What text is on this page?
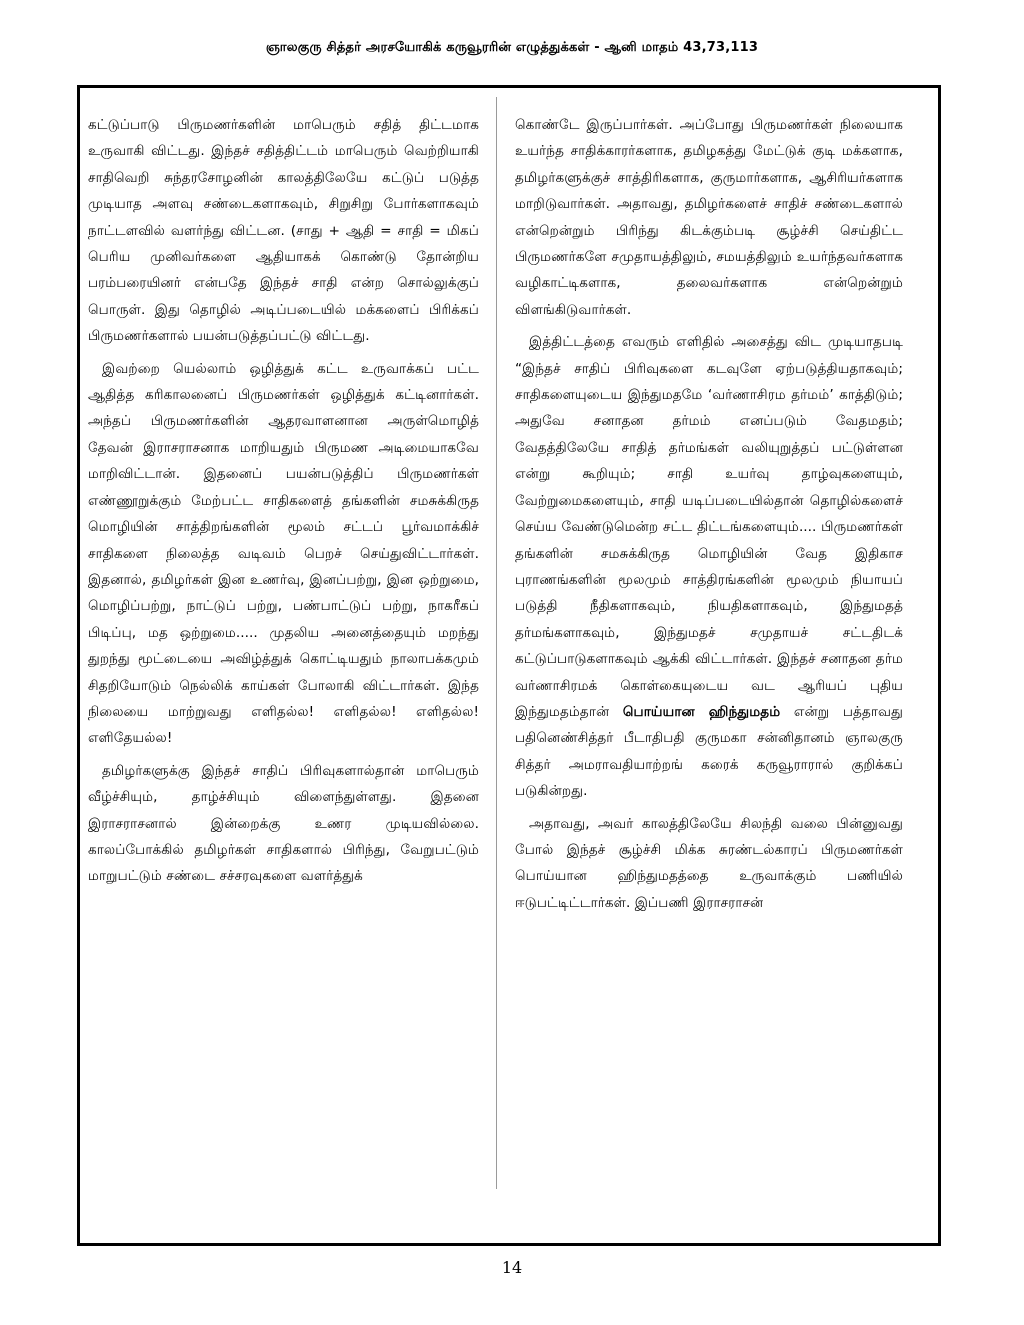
ஞாலகுரு சித்தர் அரசயோகிக் கருவூரரின் எழுத்துக்கள் - ஆனி மாதம் 43,73,113

கட்டுப்பாடு பிருமணர்களின் மாபெரும் சதித் திட்டமாக உருவாகி விட்டது. இந்தச் சதித்திட்டம் மாபெரும் வெற்றியாகி சாதிவெறி சுந்தரசோழனின் காலத்திலேயே கட்டுப் படுத்த முடியாத அளவு சண்டைகளாகவும், சிறுசிறு போர்களாகவும் நாட்டளவில் வளர்ந்து விட்டன. (சாது + ஆதி = சாதி = மிகப் பெரிய முனிவர்களை ஆதியாகக் கொண்டு தோன்றிய பரம்பரையினர் என்பதே இந்தச் சாதி என்ற சொல்லுக்குப் பொருள். இது தொழில் அடிப்படையில் மக்களைப் பிரிக்கப் பிருமணர்களால் பயன்படுத்தப்பட்டு விட்டது.

இவற்றை யெல்லாம் ஒழித்துக் கட்ட உருவாக்கப் பட்ட ஆதித்த கரிகாலனைப் பிருமணர்கள் ஒழித்துக் கட்டினார்கள். அந்தப் பிருமணர்களின் ஆதரவாளனான அருள்மொழித் தேவன் இராசராசனாக மாறியதும் பிருமண அடிமையாகவே மாறிவிட்டான். இதனைப் பயன்படுத்திப் பிருமணர்கள் எண்ணூறுக்கும் மேற்பட்ட சாதிகளைத் தங்களின் சமசுக்கிருத மொழியின் சாத்திறங்களின் மூலம் சட்டப் பூர்வமாக்கிச் சாதிகளை நிலைத்த வடிவம் பெறச் செய்துவிட்டார்கள். இதனால், தமிழர்கள் இன உணர்வு, இனப்பற்று, இன ஒற்றுமை, மொழிப்பற்று, நாட்டுப் பற்று, பண்பாட்டுப் பற்று, நாகரீகப் பிடிப்பு, மத ஒற்றுமை..... முதலிய அனைத்தையும் மறந்து துறந்து மூட்டையை அவிழ்த்துக் கொட்டியதும் நாலாபக்கமும் சிதறியோடும் நெல்லிக் காய்கள் போலாகி விட்டார்கள். இந்த நிலையை மாற்றுவது எளிதல்ல! எளிதல்ல! எளிதல்ல! எளிதேயல்ல!

தமிழர்களுக்கு இந்தச் சாதிப் பிரிவுகளால்தான் மாபெரும் வீழ்ச்சியும், தாழ்ச்சியும் விளைந்துள்ளது. இதனை இராசராசனால் இன்றைக்கு உணர முடியவில்லை. காலப்போக்கில் தமிழர்கள் சாதிகளால் பிரிந்து, வேறுபட்டும் மாறுபட்டும் சண்டை சச்சரவுகளை வளர்த்துக்

கொண்டே இருப்பார்கள். அப்போது பிருமணர்கள் நிலையாக உயர்ந்த சாதிக்காரர்களாக, தமிழகத்து மேட்டுக் குடி மக்களாக, தமிழர்களுக்குச் சாத்திரிகளாக, குருமார்களாக, ஆசிரியர்களாக மாறிடுவார்கள். அதாவது, தமிழர்களைச் சாதிச் சண்டைகளால் என்றென்றும் பிரிந்து கிடக்கும்படி சூழ்ச்சி செய்திட்ட பிருமணர்களே சமுதாயத்திலும், சமயத்திலும் உயர்ந்தவர்களாக வழிகாட்டிகளாக, தலைவர்களாக என்றென்றும் விளங்கிடுவார்கள்.

இத்திட்டத்தை எவரும் எளிதில் அசைத்து விட முடியாதபடி “இந்தச் சாதிப் பிரிவுகளை கடவுளே ஏற்படுத்தியதாகவும்; சாதிகளையுடைய இந்துமதமே ‘வர்ணாசிரம தர்மம்’ காத்திடும்; அதுவே சனாதன தர்மம் எனப்படும் வேதமதம்; வேதத்திலேயே சாதித் தர்மங்கள் வலியுறுத்தப் பட்டுள்ளன என்று கூறியும்; சாதி உயர்வு தாழ்வுகளையும், வேற்றுமைகளையும், சாதி யடிப்படையில்தான் தொழில்களைச் செய்ய வேண்டுமென்ற சட்ட திட்டங்களையும்.... பிருமணர்கள் தங்களின் சமசுக்கிருத மொழியின் வேத இதிகாச புராணங்களின் மூலமும் சாத்திரங்களின் மூலமும் நியாயப் படுத்தி நீதிகளாகவும், நியதிகளாகவும், இந்துமதத் தர்மங்களாகவும், இந்துமதச் சமுதாயச் சட்டதிடக் கட்டுப்பாடுகளாகவும் ஆக்கி விட்டார்கள். இந்தச் சனாதன தர்ம வர்ணாசிரமக் கொள்கையுடைய வட ஆரியப் புதிய இந்துமதம்தான் பொய்யான ஹிந்துமதம் என்று பத்தாவது பதினெண்சித்தர் பீடாதிபதி குருமகா சன்னிதானம் ஞாலகுரு சித்தர் அமராவதியாற்றங் கரைக் கருவூராரால் குறிக்கப் படுகின்றது.

அதாவது, அவர் காலத்திலேயே சிலந்தி வலை பின்னுவது போல் இந்தச் சூழ்ச்சி மிக்க சுரண்டல்காரப் பிருமணர்கள் பொய்யான ஹிந்துமதத்தை உருவாக்கும் பணியில் ஈடுபட்டிட்டார்கள். இப்பணி இராசராசன்

14
